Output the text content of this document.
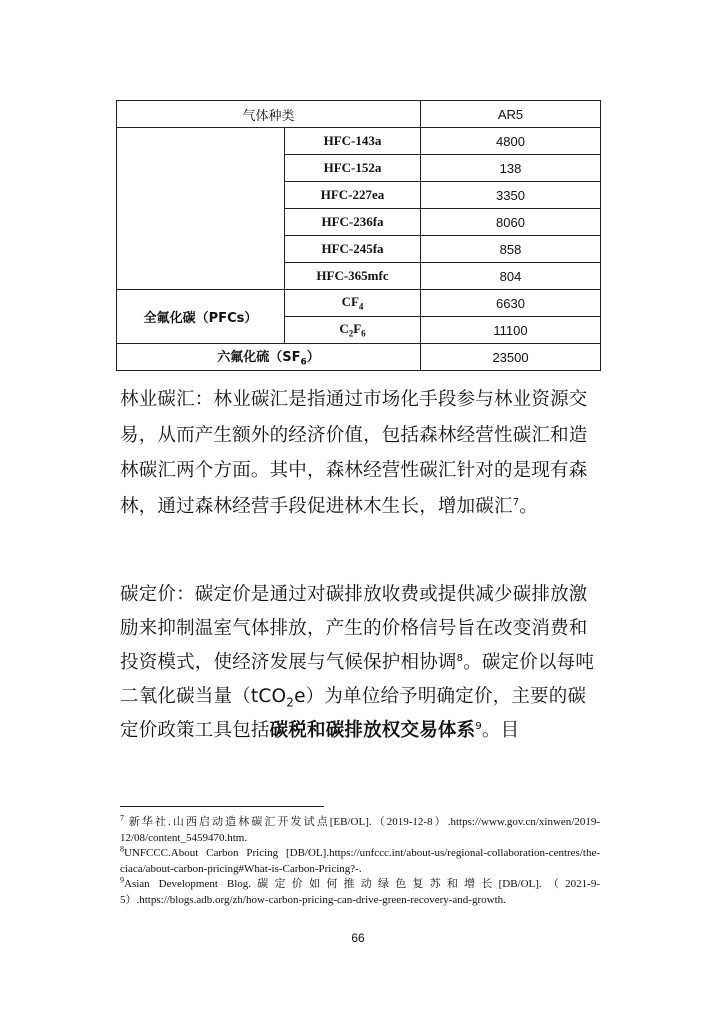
气体种类		AR5
	HFC-143a	4800
	HFC-152a	138
	HFC-227ea	3350
	HFC-236fa	8060
	HFC-245fa	858
	HFC-365mfc	804
全氟化碳（PFCs）	$CF_4$	6630
	$C_2F_6$	11100
六氟化硫$(SF_6)$		23500
林业碳汇：林业碳汇是指通过市场化手段参与林业资源交易，从而产生额外的经济价值，包括森林经营性碳汇和造林碳汇两个方面。其中，森林经营性碳汇针对的是现有森林，通过森林经营手段促进林木生长，增加碳汇$^7$。
碳定价：碳定价是通过对碳排放收费或提供减少碳排放激励来抑制温室气体排放，产生的价格信号旨在改变消费和投资模式，使经济发展与气候保护相协调$^8$。碳定价以每吨二氧化碳当量（tCO$_2$e）为单位给予明确定价，主要的碳定价政策工具包括碳税和碳排放权交易体系$^9$。目
$^7$ 新华社.山西启动造林碳汇开发试点[EB/OL].（2019-12-8）.https://www.gov.cn/xinwen/2019-12/08/content_5459470.htm.
$^8$UNFCCC.About Carbon Pricing [DB/OL].https://unfccc.int/about-us/regional-collaboration-centres/the-ciaca/about-carbon-pricing#What-is-Carbon-Pricing?-.
$^9$Asian Development Blog.碳定价如何推动绿色复苏和增长[DB/OL].（2021-9-5）.https://blogs.adb.org/zh/how-carbon-pricing-can-drive-green-recovery-and-growth.
66
